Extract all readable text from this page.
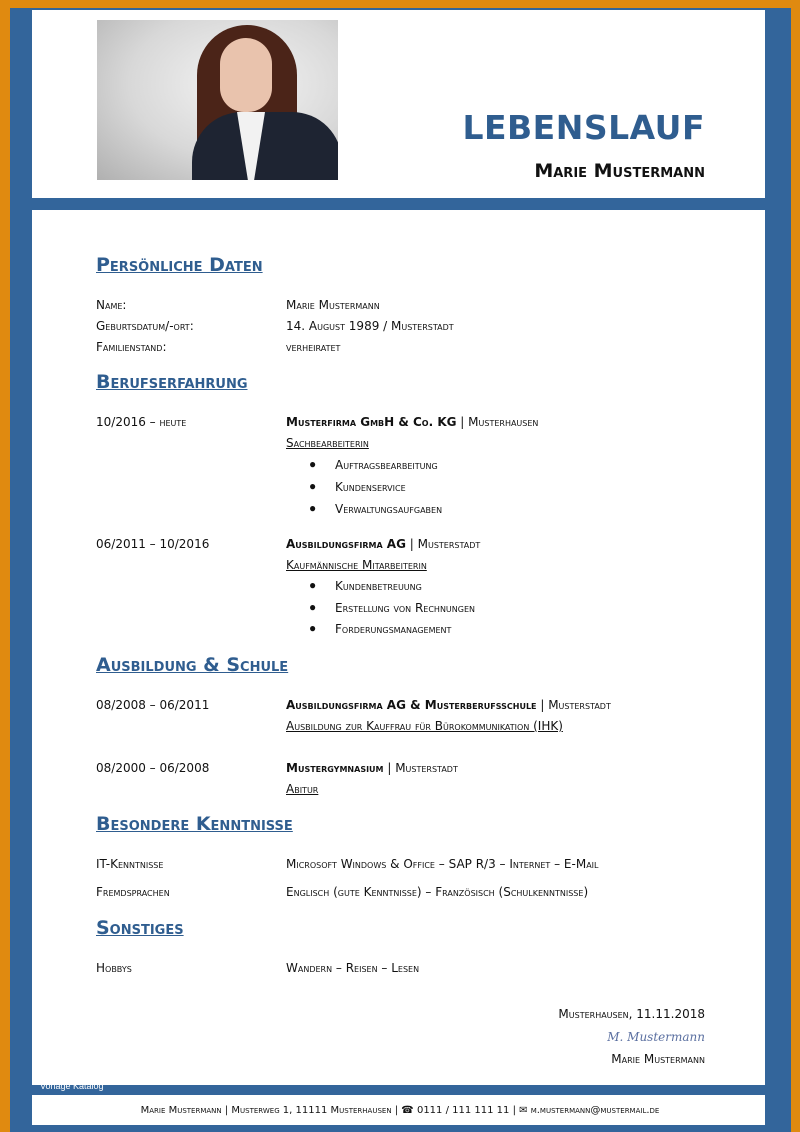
LEBENSLAUF
Marie Mustermann
Persönliche Daten
Name:	Marie Mustermann
Geburtsdatum/-ort:	14. August 1989 / Musterstadt
Familienstand:	verheiratet
Berufserfahrung
10/2016 – heute	Musterfirma GmbH & Co. KG | Musterhausen
Sachbearbeiterin
● Auftragsbearbeitung
● Kundenservice
● Verwaltungsaufgaben
06/2011 – 10/2016	Ausbildungsfirma AG | Musterstadt
Kaufmännische Mitarbeiterin
● Kundenbetreuung
● Erstellung von Rechnungen
● Forderungsmanagement
Ausbildung & Schule
08/2008 – 06/2011	Ausbildungsfirma AG & Musterberufsschule | Musterstadt
Ausbildung zur Kauffrau für Bürokommunikation (IHK)
08/2000 – 06/2008	Mustergymnasium | Musterstadt
Abitur
Besondere Kenntnisse
IT-Kenntnisse	Microsoft Windows & Office – SAP R/3 – Internet – E-Mail
Fremdsprachen	Englisch (gute Kenntnisse) – Französisch (Schulkenntnisse)
Sonstiges
Hobbys	Wandern – Reisen – Lesen
Musterhausen, 11.11.2018
M. Mustermann
Marie Mustermann
Vorlage Katalog
Marie Mustermann | Musterweg 1, 11111 Musterhausen | ☎ 0111 / 111 111 11 | ✉ m.mustermann@mustermail.de
